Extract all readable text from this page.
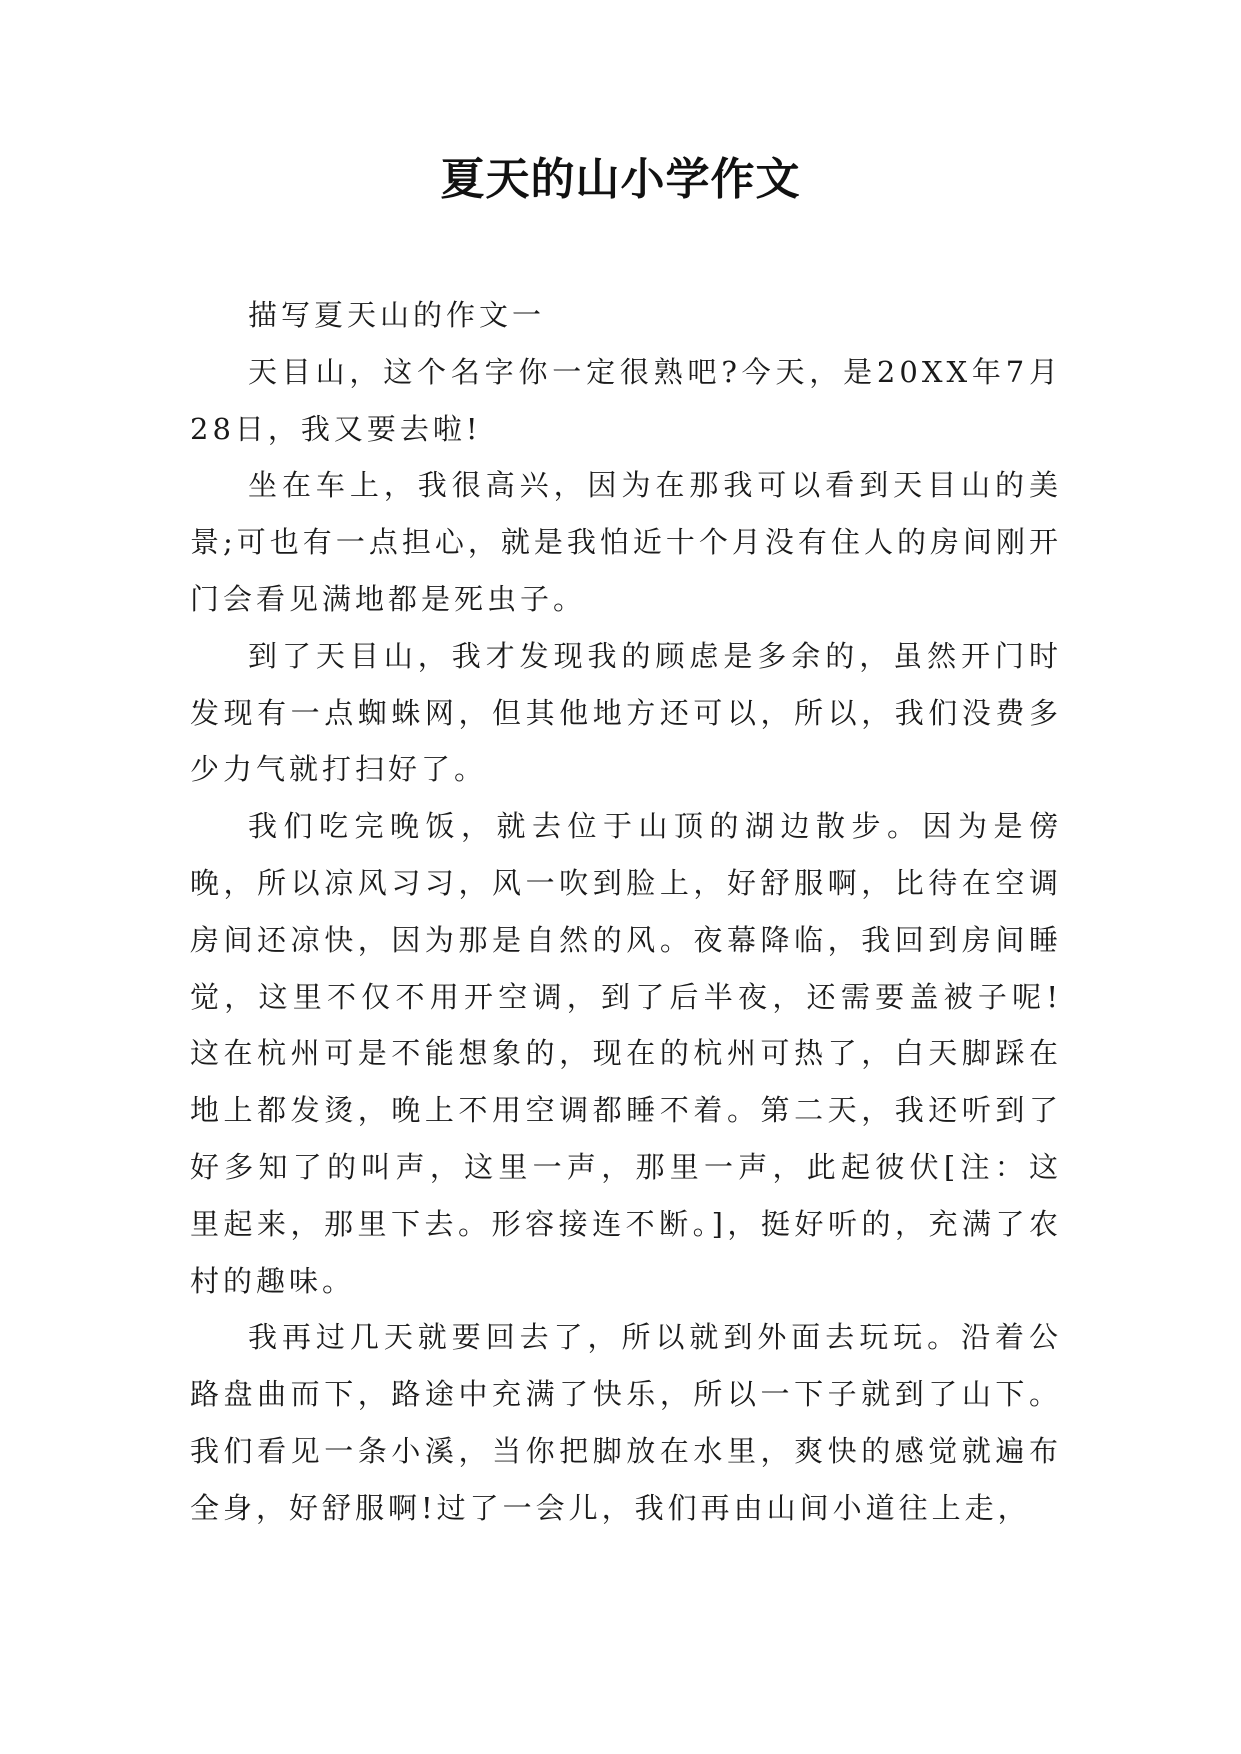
夏天的山小学作文

描写夏天山的作文一

天目山，这个名字你一定很熟吧?今天，是20XX年7月28日，我又要去啦!

坐在车上，我很高兴，因为在那我可以看到天目山的美景;可也有一点担心，就是我怕近十个月没有住人的房间刚开门会看见满地都是死虫子。

到了天目山，我才发现我的顾虑是多余的，虽然开门时发现有一点蜘蛛网，但其他地方还可以，所以，我们没费多少力气就打扫好了。

我们吃完晚饭，就去位于山顶的湖边散步。因为是傍晚，所以凉风习习，风一吹到脸上，好舒服啊，比待在空调房间还凉快，因为那是自然的风。夜幕降临，我回到房间睡觉，这里不仅不用开空调，到了后半夜，还需要盖被子呢!这在杭州可是不能想象的，现在的杭州可热了，白天脚踩在地上都发烫，晚上不用空调都睡不着。第二天，我还听到了好多知了的叫声，这里一声，那里一声，此起彼伏[注：这里起来，那里下去。形容接连不断。]，挺好听的，充满了农村的趣味。

我再过几天就要回去了，所以就到外面去玩玩。沿着公路盘曲而下，路途中充满了快乐，所以一下子就到了山下。我们看见一条小溪，当你把脚放在水里，爽快的感觉就遍布全身，好舒服啊!过了一会儿，我们再由山间小道往上走，
